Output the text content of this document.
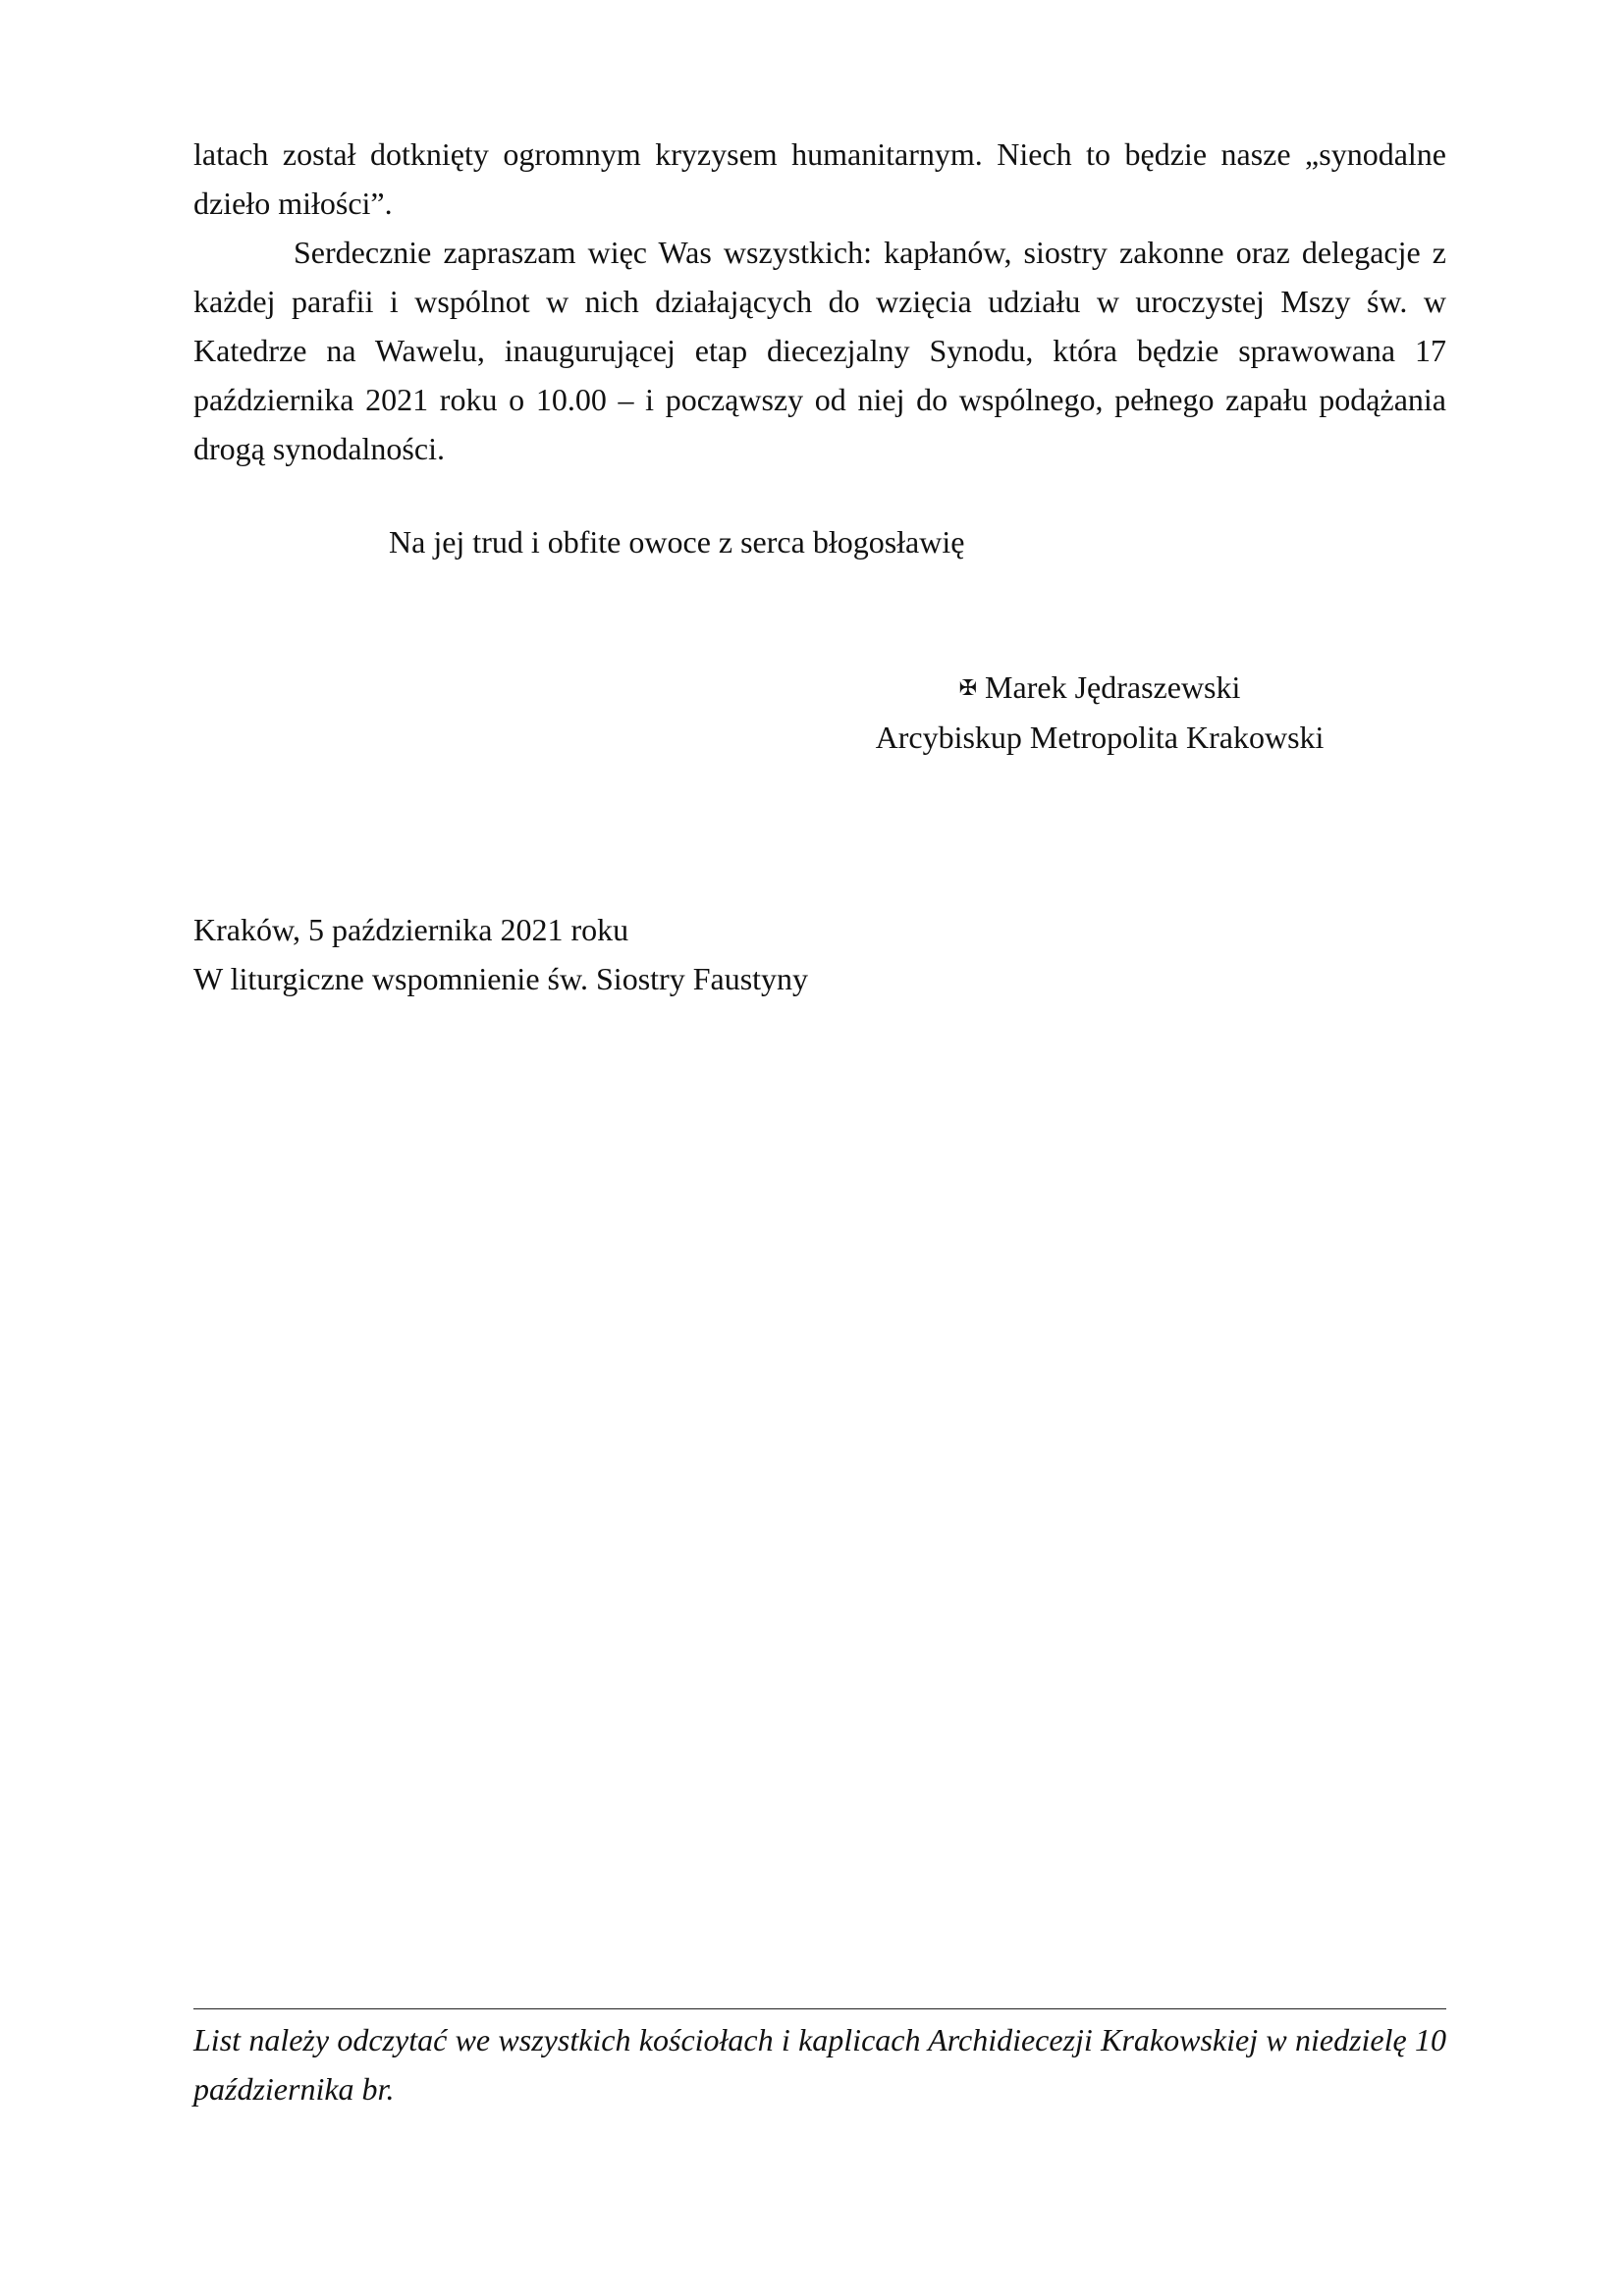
latach został dotknięty ogromnym kryzysem humanitarnym. Niech to będzie nasze „synodalne dzieło miłości”.

Serdecznie zapraszam więc Was wszystkich: kapłanów, siostry zakonne oraz delegacje z każdej parafii i wspólnot w nich działających do wzięcia udziału w uroczystej Mszy św. w Katedrze na Wawelu, inaugurującej etap diecezjalny Synodu, która będzie sprawowana 17 października 2021 roku o 10.00 – i począwszy od niej do wspólnego, pełnego zapału podążania drogą synodalności.

Na jej trud i obfite owoce z serca błogosławię
✠ Marek Jędraszewski
Arcybiskup Metropolita Krakowski
Kraków, 5 października 2021 roku
W liturgiczne wspomnienie św. Siostry Faustyny
List należy odczytać we wszystkich kościołach i kaplicach Archidiecezji Krakowskiej w niedzielę 10 października br.
